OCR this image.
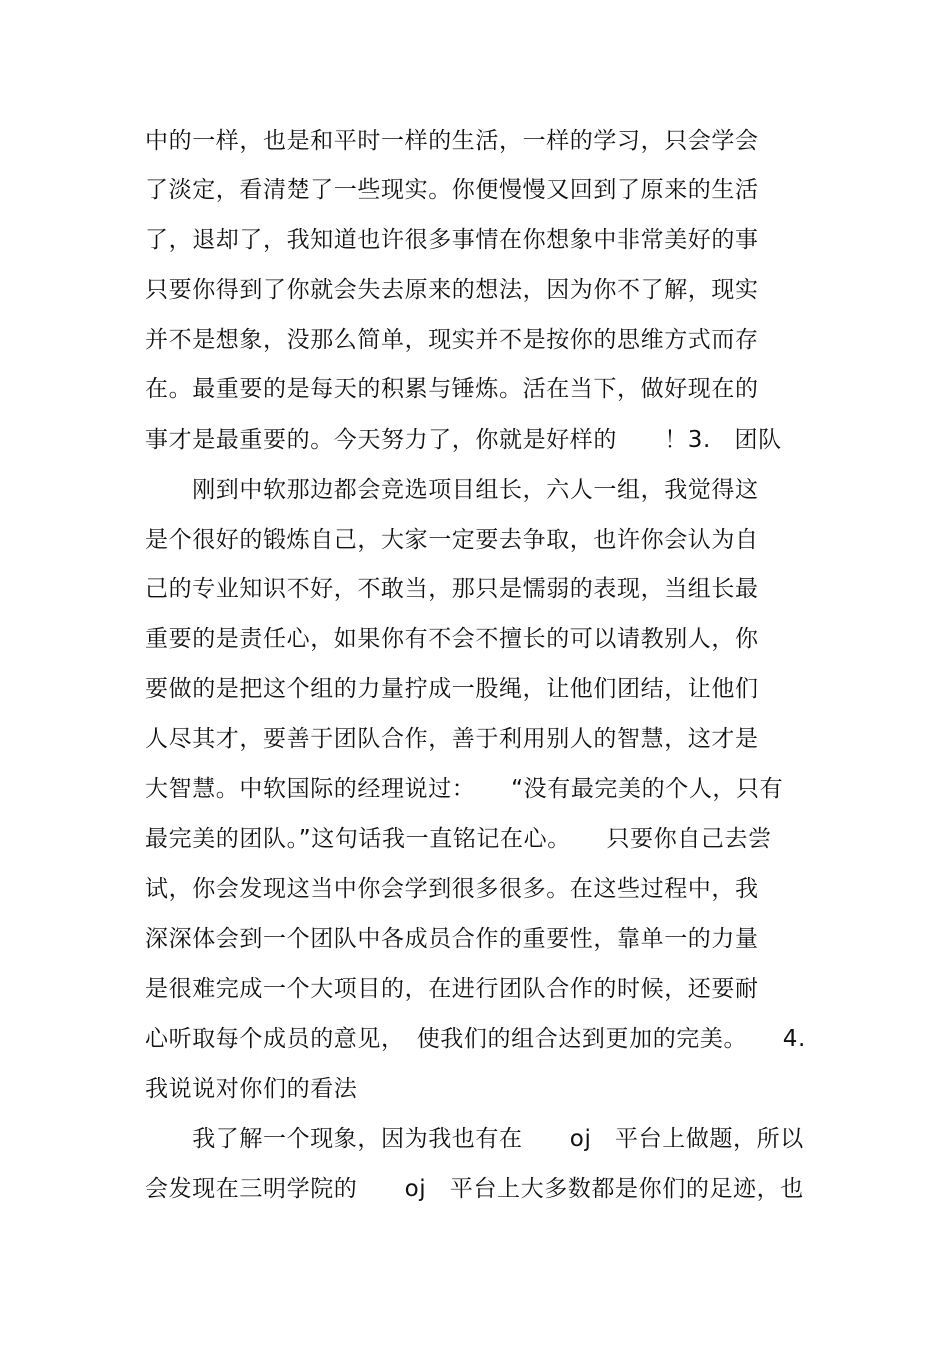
中的一样，也是和平时一样的生活，一样的学习，只会学会
了淡定，看清楚了一些现实。你便慢慢又回到了原来的生活
了，退却了，我知道也许很多事情在你想象中非常美好的事
只要你得到了你就会失去原来的想法，因为你不了解，现实
并不是想象，没那么简单，现实并不是按你的思维方式而存
在。最重要的是每天的积累与锤炼。活在当下，做好现在的
事才是最重要的。今天努力了，你就是好样的　　！3.　团队
　　刚到中软那边都会竞选项目组长，六人一组，我觉得这
是个很好的锻炼自己，大家一定要去争取，也许你会认为自
己的专业知识不好，不敢当，那只是懦弱的表现，当组长最
重要的是责任心，如果你有不会不擅长的可以请教别人，你
要做的是把这个组的力量拧成一股绳，让他们团结，让他们
人尽其才，要善于团队合作，善于利用别人的智慧，这才是
大智慧。中软国际的经理说过：　　“没有最完美的个人，只有
最完美的团队。”这句话我一直铭记在心。　　只要你自己去尝
试，你会发现这当中你会学到很多很多。在这些过程中，我
深深体会到一个团队中各成员合作的重要性，靠单一的力量
是很难完成一个大项目的，在进行团队合作的时候，还要耐
心听取每个成员的意见，　使我们的组合达到更加的完美。　　4.
我说说对你们的看法
　　我了解一个现象，因为我也有在　　oj　平台上做题，所以
会发现在三明学院的　　oj　平台上大多数都是你们的足迹，也
